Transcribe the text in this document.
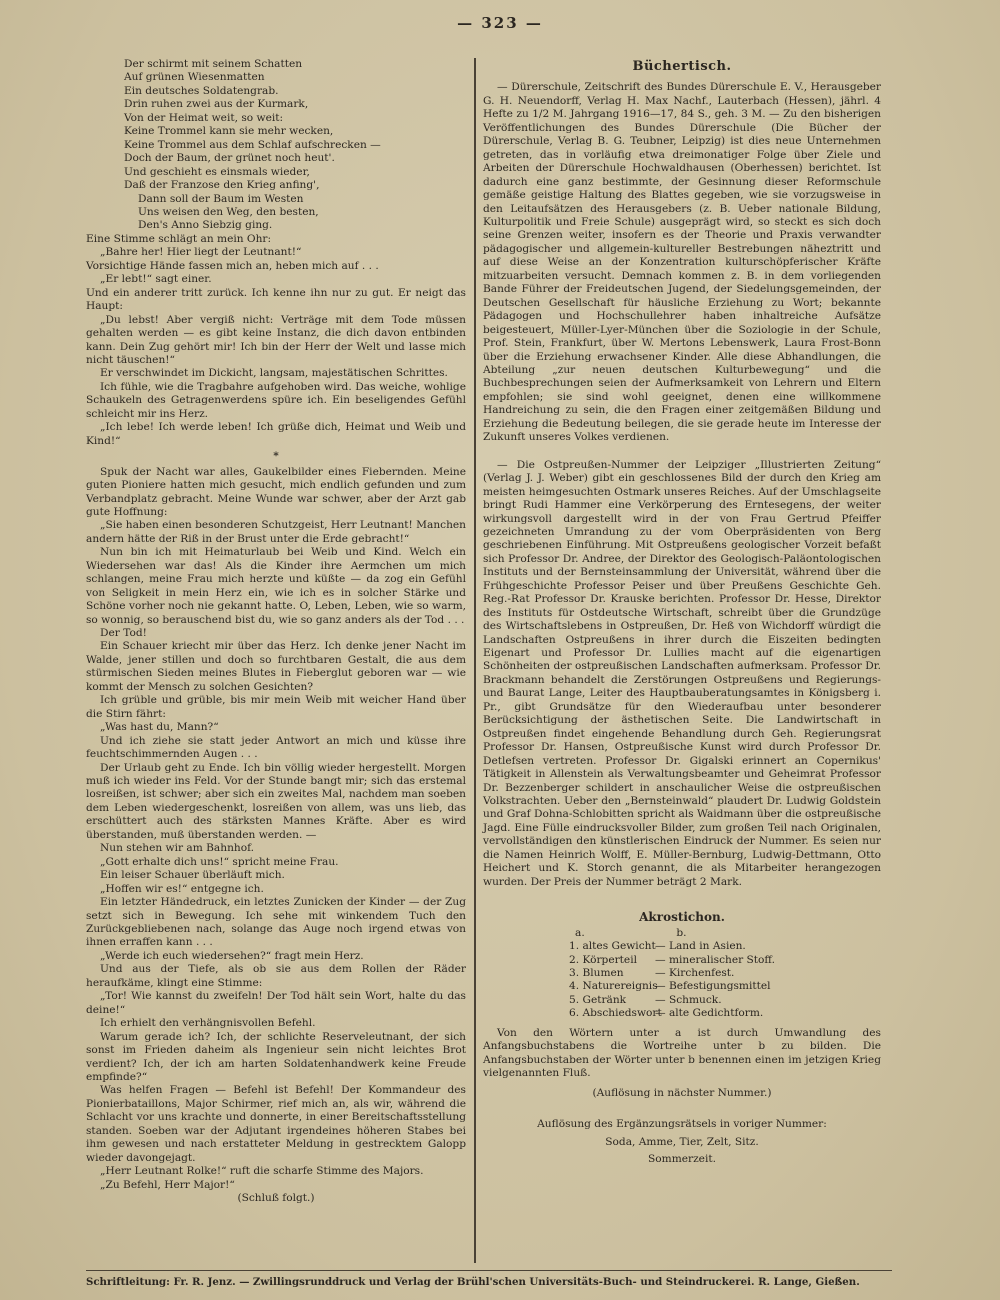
— 323 —
Der schirmt mit seinem Schatten
Auf grünen Wiesenmatten
Ein deutsches Soldatengrab.
Drin ruhen zwei aus der Kurmark,
Von der Heimat weit, so weit:
Keine Trommel kann sie mehr wecken,
Keine Trommel aus dem Schlaf aufschrecken —
Doch der Baum, der grünet noch heut'.
Und geschieht es einsmals wieder,
Daß der Franzose den Krieg anfing',
Dann soll der Baum im Westen
Uns weisen den Weg, den besten,
Den's Anno Siebzig ging.

Eine Stimme schlägt an mein Ohr:

„Bahre her! Hier liegt der Leutnant!“

Vorsichtige Hände fassen mich an, heben mich auf . . .

„Er lebt!“ sagt einer.

Und ein anderer tritt zurück. Ich kenne ihn nur zu gut. Er neigt das Haupt:

„Du lebst! Aber vergiß nicht: Verträge mit dem Tode müssen gehalten werden — es gibt keine Instanz, die dich davon entbinden kann. Dein Zug gehört mir! Ich bin der Herr der Welt und lasse mich nicht täuschen!“

Er verschwindet im Dickicht, langsam, majestätischen Schrittes.

Ich fühle, wie die Tragbahre aufgehoben wird. Das weiche, wohlige Schaukeln des Getragenwerdens spüre ich. Ein beseligendes Gefühl schleicht mir ins Herz.

„Ich lebe! Ich werde leben! Ich grüße dich, Heimat und Weib und Kind!“

*

Spuk der Nacht war alles, Gaukelbilder eines Fiebernden. Meine guten Pioniere hatten mich gesucht, mich endlich gefunden und zum Verbandplatz gebracht. Meine Wunde war schwer, aber der Arzt gab gute Hoffnung:

„Sie haben einen besonderen Schutzgeist, Herr Leutnant! Manchen andern hätte der Riß in der Brust unter die Erde gebracht!“

Nun bin ich mit Heimaturlaub bei Weib und Kind. Welch ein Wiedersehen war das! Als die Kinder ihre Aermchen um mich schlangen, meine Frau mich herzte und küßte — da zog ein Gefühl von Seligkeit in mein Herz ein, wie ich es in solcher Stärke und Schöne vorher noch nie gekannt hatte. O, Leben, Leben, wie so warm, so wonnig, so berauschend bist du, wie so ganz anders als der Tod . . .

Der Tod!

Ein Schauer kriecht mir über das Herz. Ich denke jener Nacht im Walde, jener stillen und doch so furchtbaren Gestalt, die aus dem stürmischen Sieden meines Blutes in Fieberglut geboren war — wie kommt der Mensch zu solchen Gesichten?

Ich grüble und grüble, bis mir mein Weib mit weicher Hand über die Stirn fährt:

„Was hast du, Mann?“

Und ich ziehe sie statt jeder Antwort an mich und küsse ihre feuchtschimmernden Augen . . .

Der Urlaub geht zu Ende. Ich bin völlig wieder hergestellt. Morgen muß ich wieder ins Feld. Vor der Stunde bangt mir; sich das erstemal losreißen, ist schwer; aber sich ein zweites Mal, nachdem man soeben dem Leben wiedergeschenkt, losreißen von allem, was uns lieb, das erschüttert auch des stärksten Mannes Kräfte. Aber es wird überstanden, muß überstanden werden. —

Nun stehen wir am Bahnhof.

„Gott erhalte dich uns!“ spricht meine Frau.

Ein leiser Schauer überläuft mich.

„Hoffen wir es!“ entgegne ich.

Ein letzter Händedruck, ein letztes Zunicken der Kinder — der Zug setzt sich in Bewegung. Ich sehe mit winkendem Tuch den Zurückgebliebenen nach, solange das Auge noch irgend etwas von ihnen erraffen kann . . .

„Werde ich euch wiedersehen?“ fragt mein Herz.

Und aus der Tiefe, als ob sie aus dem Rollen der Räder heraufkäme, klingt eine Stimme:

„Tor! Wie kannst du zweifeln! Der Tod hält sein Wort, halte du das deine!“

Ich erhielt den verhängnisvollen Befehl.

Warum gerade ich? Ich, der schlichte Reserveleutnant, der sich sonst im Frieden daheim als Ingenieur sein nicht leichtes Brot verdient? Ich, der ich am harten Soldatenhandwerk keine Freude empfinde?“

Was helfen Fragen — Befehl ist Befehl! Der Kommandeur des Pionierbataillons, Major Schirmer, rief mich an, als wir, während die Schlacht vor uns krachte und donnerte, in einer Bereitschaftsstellung standen. Soeben war der Adjutant irgendeines höheren Stabes bei ihm gewesen und nach erstatteter Meldung in gestrecktem Galopp wieder davongejagt.

„Herr Leutnant Rolke!“ ruft die scharfe Stimme des Majors.

„Zu Befehl, Herr Major!“

(Schluß folgt.)
Büchertisch.

— Dürerschule, Zeitschrift des Bundes Dürerschule E. V., Herausgeber G. H. Neuendorff, Verlag H. Max Nachf., Lauterbach (Hessen), jährl. 4 Hefte zu 1/2 M. Jahrgang 1916—17, 84 S., geh. 3 M. — Zu den bisherigen Veröffentlichungen des Bundes Dürerschule (Die Bücher der Dürerschule, Verlag B. G. Teubner, Leipzig) ist dies neue Unternehmen getreten, das in vorläufig etwa dreimonatiger Folge über Ziele und Arbeiten der Dürerschule Hochwaldhausen (Oberhessen) berichtet. Ist dadurch eine ganz bestimmte, der Gesinnung dieser Reformschule gemäße geistige Haltung des Blattes gegeben, wie sie vorzugsweise in den Leitaufsätzen des Herausgebers (z. B. Ueber nationale Bildung, Kulturpolitik und Freie Schule) ausgeprägt wird, so steckt es sich doch seine Grenzen weiter, insofern es der Theorie und Praxis verwandter pädagogischer und allgemein-kultureller Bestrebungen näheztritt und auf diese Weise an der Konzentration kulturschöpferischer Kräfte mitzuarbeiten versucht. Demnach kommen z. B. in dem vorliegenden Bande Führer der Freideutschen Jugend, der Siedelungsgemeinden, der Deutschen Gesellschaft für häusliche Erziehung zu Wort; bekannte Pädagogen und Hochschullehrer haben inhaltreiche Aufsätze beigesteuert, Müller-Lyer-München über die Soziologie in der Schule, Prof. Stein, Frankfurt, über W. Mertons Lebenswerk, Laura Frost-Bonn über die Erziehung erwachsener Kinder. Alle diese Abhandlungen, die Abteilung „zur neuen deutschen Kulturbewegung“ und die Buchbesprechungen seien der Aufmerksamkeit von Lehrern und Eltern empfohlen; sie sind wohl geeignet, denen eine willkommene Handreichung zu sein, die den Fragen einer zeitgemäßen Bildung und Erziehung die Bedeutung beilegen, die sie gerade heute im Interesse der Zukunft unseres Volkes verdienen.

— Die Ostpreußen-Nummer der Leipziger „Illustrierten Zeitung“ (Verlag J. J. Weber) gibt ein geschlossenes Bild der durch den Krieg am meisten heimgesuchten Ostmark unseres Reiches. Auf der Umschlagseite bringt Rudi Hammer eine Verkörperung des Erntesegens, der weiter wirkungsvoll dargestellt wird in der von Frau Gertrud Pfeiffer gezeichneten Umrandung zu der vom Oberpräsidenten von Berg geschriebenen Einführung. Mit Ostpreußens geologischer Vorzeit befaßt sich Professor Dr. Andree, der Direktor des Geologisch-Paläontologischen Instituts und der Bernsteinsammlung der Universität, während über die Frühgeschichte Professor Peiser und über Preußens Geschichte Geh. Reg.-Rat Professor Dr. Krauske berichten. Professor Dr. Hesse, Direktor des Instituts für Ostdeutsche Wirtschaft, schreibt über die Grundzüge des Wirtschaftslebens in Ostpreußen, Dr. Heß von Wichdorff würdigt die Landschaften Ostpreußens in ihrer durch die Eiszeiten bedingten Eigenart und Professor Dr. Lullies macht auf die eigenartigen Schönheiten der ostpreußischen Landschaften aufmerksam. Professor Dr. Brackmann behandelt die Zerstörungen Ostpreußens und Regierungs- und Baurat Lange, Leiter des Hauptbauberatungsamtes in Königsberg i. Pr., gibt Grundsätze für den Wiederaufbau unter besonderer Berücksichtigung der ästhetischen Seite. Die Landwirtschaft in Ostpreußen findet eingehende Behandlung durch Geh. Regierungsrat Professor Dr. Hansen, Ostpreußische Kunst wird durch Professor Dr. Detlefsen vertreten. Professor Dr. Gigalski erinnert an Copernikus' Tätigkeit in Allenstein als Verwaltungsbeamter und Geheimrat Professor Dr. Bezzenberger schildert in anschaulicher Weise die ostpreußischen Volkstrachten. Ueber den „Bernsteinwald“ plaudert Dr. Ludwig Goldstein und Graf Dohna-Schlobitten spricht als Waidmann über die ostpreußische Jagd. Eine Fülle eindrucksvoller Bilder, zum großen Teil nach Originalen, vervollständigen den künstlerischen Eindruck der Nummer. Es seien nur die Namen Heinrich Wolff, E. Müller-Bernburg, Ludwig-Dettmann, Otto Heichert und K. Storch genannt, die als Mitarbeiter herangezogen wurden. Der Preis der Nummer beträgt 2 Mark.

Akrostichon.
a.	b.
1. altes Gewicht— Land in Asien.
2. Körperteil — mineralischer Stoff.
3. Blumen	— Kirchenfest.
4. Naturereignis— Befestigungsmittel
5. Getränk	— Schmuck.
6. Abschiedswort— alte Gedichtform.

Von den Wörtern unter a ist durch Umwandlung des Anfangsbuchstabens die Wortreihe unter b zu bilden. Die Anfangsbuchstaben der Wörter unter b benennen einen im jetzigen Krieg vielgenannten Fluß.

(Auflösung in nächster Nummer.)
Auflösung des Ergänzungsrätsels in voriger Nummer:
Soda, Amme, Tier, Zelt, Sitz.
Sommerzeit.
Schriftleitung: Fr. R. Jenz. — Zwillingsrunddruck und Verlag der Brühl'schen Universitäts-Buch- und Steindruckerei. R. Lange, Gießen.
